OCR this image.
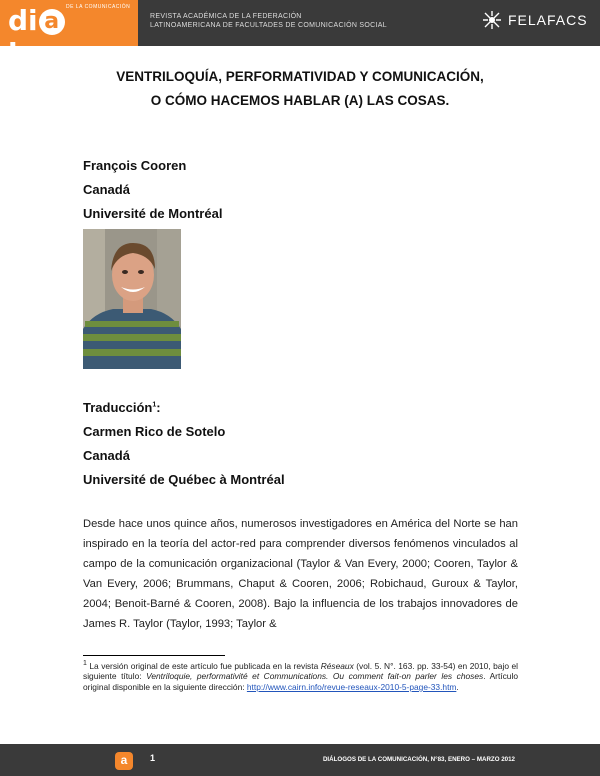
di alogos
DE LA COMUNICACIÓN
REVISTA ACADÉMICA DE LA FEDERACIÓN
LATINOAMERICANA DE FACULTADES DE COMUNICACIÓN SOCIAL	FELAFACS
VENTRILOQUÍA, PERFORMATIVIDAD Y COMUNICACIÓN,
O CÓMO HACEMOS HABLAR (A) LAS COSAS.
François Cooren
Canadá
Université de Montréal
Traducción$^1$:
Carmen Rico de Sotelo
Canadá
Université de Québec à Montréal
Desde hace unos quince años, numerosos investigadores en América del Norte se han inspirado en la teoría del actor-red para comprender diversos fenómenos vinculados al campo de la comunicación organizacional (Taylor & Van Every, 2000; Cooren, Taylor & Van Every, 2006; Brummans, Chaput & Cooren, 2006; Robichaud, Guroux & Taylor, 2004; Benoit-Barné & Cooren, 2008). Bajo la influencia de los trabajos innovadores de James R. Taylor (Taylor, 1993; Taylor &
$^1$ La versión original de este artículo fue publicada en la revista Réseaux (vol. 5. N°. 163. pp. 33-54) en 2010, bajo el siguiente título: Ventriloquie, performativité et Communications. Ou comment fait-on parler les choses. Artículo original disponible en la siguiente dirección: http://www.cairn.info/revue-reseaux-2010-5-page-33.htm.
a	1	DIÁLOGOS DE LA COMUNICACIÓN, N°83, ENERO – MARZO 2012
